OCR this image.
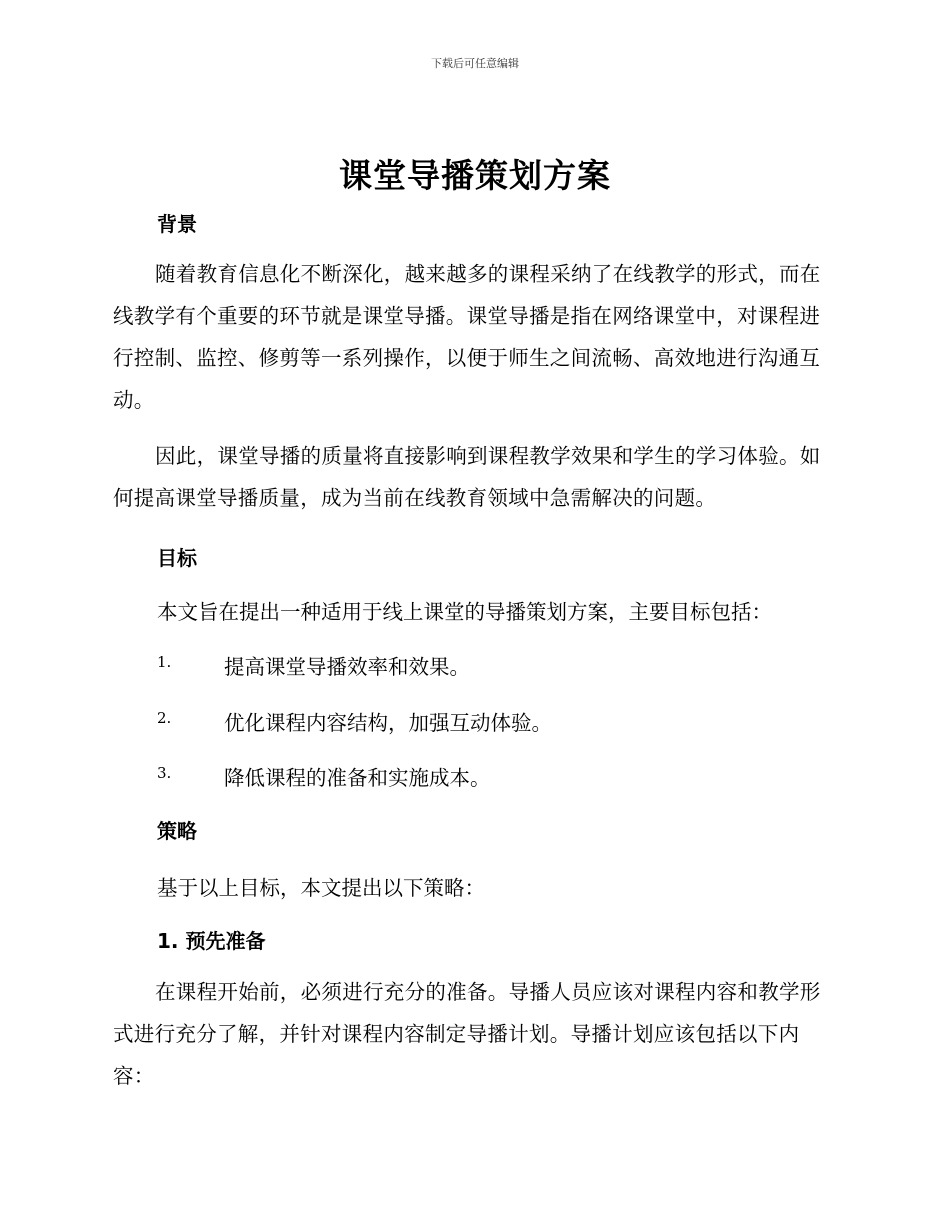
下载后可任意编辑
课堂导播策划方案
背景
随着教育信息化不断深化，越来越多的课程采纳了在线教学的形式，而在线教学有个重要的环节就是课堂导播。课堂导播是指在网络课堂中，对课程进行控制、监控、修剪等一系列操作，以便于师生之间流畅、高效地进行沟通互动。
因此，课堂导播的质量将直接影响到课程教学效果和学生的学习体验。如何提高课堂导播质量，成为当前在线教育领域中急需解决的问题。
目标
本文旨在提出一种适用于线上课堂的导播策划方案，主要目标包括：
1.	提高课堂导播效率和效果。
2.	优化课程内容结构，加强互动体验。
3.	降低课程的准备和实施成本。
策略
基于以上目标，本文提出以下策略：
1. 预先准备
在课程开始前，必须进行充分的准备。导播人员应该对课程内容和教学形式进行充分了解，并针对课程内容制定导播计划。导播计划应该包括以下内容：
